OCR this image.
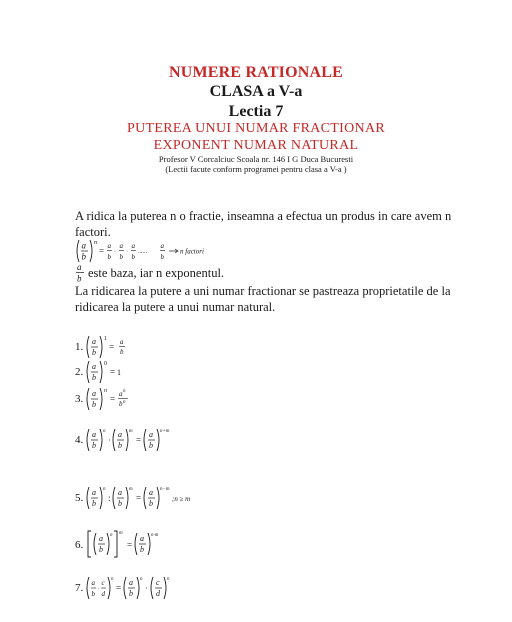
NUMERE RATIONALE
CLASA a V-a
Lectia 7
PUTEREA UNUI NUMAR FRACTIONAR
EXPONENT NUMAR NATURAL
Profesor V Corcalciuc Scoala nr. 146 I G Duca Bucuresti
(Lectii facute conform programei pentru clasa a V-a )
A ridica la puterea n o fractie, inseamna a efectua un produs in care avem n factori.
a
b
n
= a
b
·
a
b
·
a
b
......
a
b
n factori
a
b este baza, iar n exponentul.
La ridicarea la putere a uni numar fractionar se pastreaza proprietatile de la ridicarea la putere a unui numar natural.
1. a
b
1
= a
b
2. a
b
0
= 1
3. a
b
n
= a n
b n
4. a
b
n
·
a
b
m
=
a
b
n+m
5. a
b
n
:
a
b
m
=
a
b
n−m
;n ≥ m
6.
a
b
n m
=
a
b
n·m
7. a
b
·
c
d
n
=
a
b
n
·
c
d
n
